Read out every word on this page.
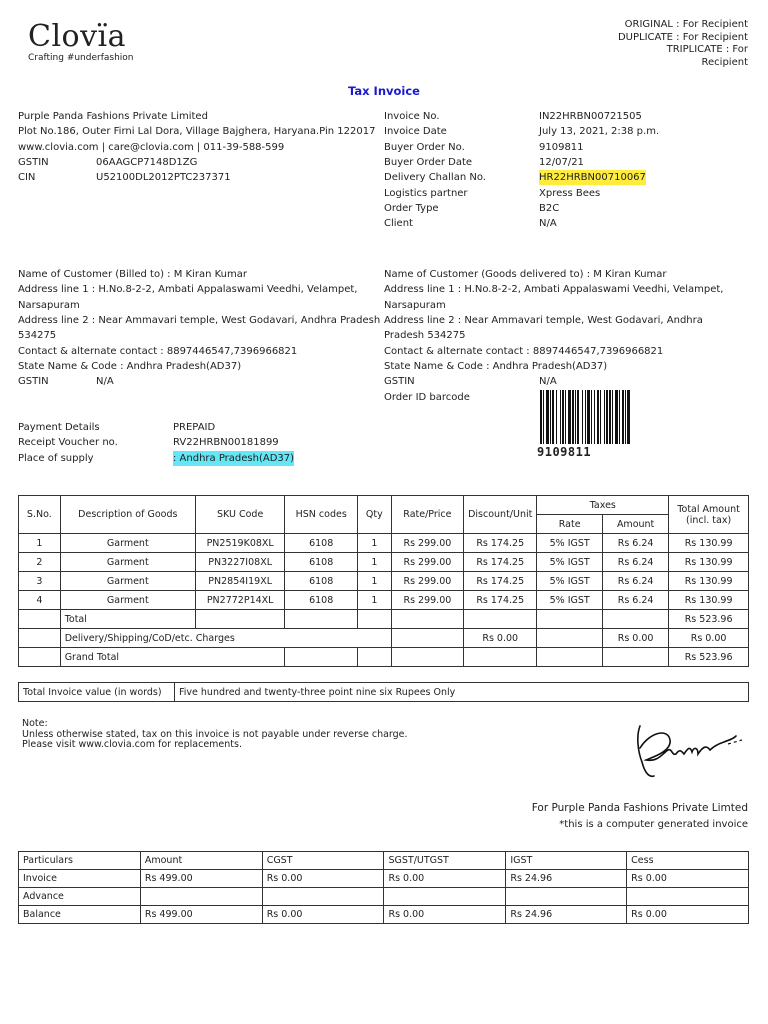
Clovïa
Crafting #underfashion
ORIGINAL : For Recipient
DUPLICATE : For Recipient
TRIPLICATE : For
Recipient
Tax Invoice
Purple Panda Fashions Private Limited
Plot No.186, Outer Firni Lal Dora, Village Bajghera, Haryana.Pin 122017
www.clovia.com | care@clovia.com | 011-39-588-599
GSTIN	06AAGCP7148D1ZG
CIN	U52100DL2012PTC237371
Invoice No.	IN22HRBN00721505
Invoice Date	July 13, 2021, 2:38 p.m.
Buyer Order No.	9109811
Buyer Order Date	12/07/21
Delivery Challan No.	HR22HRBN00710067
Logistics partner	Xpress Bees
Order Type	B2C
Client	N/A
Name of Customer (Billed to) : M Kiran Kumar
Address line 1 : H.No.8-2-2, Ambati Appalaswami Veedhi, Velampet,
Narsapuram
Address line 2 : Near Ammavari temple, West Godavari, Andhra Pradesh
534275
Contact & alternate contact : 8897446547,7396966821
State Name & Code : Andhra Pradesh(AD37)
GSTIN	N/A
Name of Customer (Goods delivered to) : M Kiran Kumar
Address line 1 : H.No.8-2-2, Ambati Appalaswami Veedhi, Velampet,
Narsapuram
Address line 2 : Near Ammavari temple, West Godavari, Andhra
Pradesh 534275
Contact & alternate contact : 8897446547,7396966821
State Name & Code : Andhra Pradesh(AD37)
GSTIN	N/A
Order ID barcode
9109811
Payment Details	PREPAID
Receipt Voucher no.	RV22HRBN00181899
Place of supply	: Andhra Pradesh(AD37)
S.No.	Description of Goods	SKU Code	HSN codes	Qty	Rate/Price	Discount/Unit	Taxes		Total Amount
(incl. tax)
							Rate	Amount	
1	Garment	PN2519K08XL	6108	1	Rs 299.00	Rs 174.25	5% IGST	Rs 6.24	Rs 130.99
2	Garment	PN3227I08XL	6108	1	Rs 299.00	Rs 174.25	5% IGST	Rs 6.24	Rs 130.99
3	Garment	PN2854I19XL	6108	1	Rs 299.00	Rs 174.25	5% IGST	Rs 6.24	Rs 130.99
4	Garment	PN2772P14XL	6108	1	Rs 299.00	Rs 174.25	5% IGST	Rs 6.24	Rs 130.99
	Total								Rs 523.96
	Delivery/Shipping/CoD/etc. Charges					Rs 0.00		Rs 0.00	Rs 0.00
	Grand Total								Rs 523.96
Total Invoice value (in words)	Five hundred and twenty-three point nine six Rupees Only
Note:
Unless otherwise stated, tax on this invoice is not payable under reverse charge.
Please visit www.clovia.com for replacements.
For Purple Panda Fashions Private Limted
*this is a computer generated invoice
Particulars	Amount	CGST	SGST/UTGST	IGST	Cess
Invoice	Rs 499.00	Rs 0.00	Rs 0.00	Rs 24.96	Rs 0.00
Advance					
Balance	Rs 499.00	Rs 0.00	Rs 0.00	Rs 24.96	Rs 0.00
